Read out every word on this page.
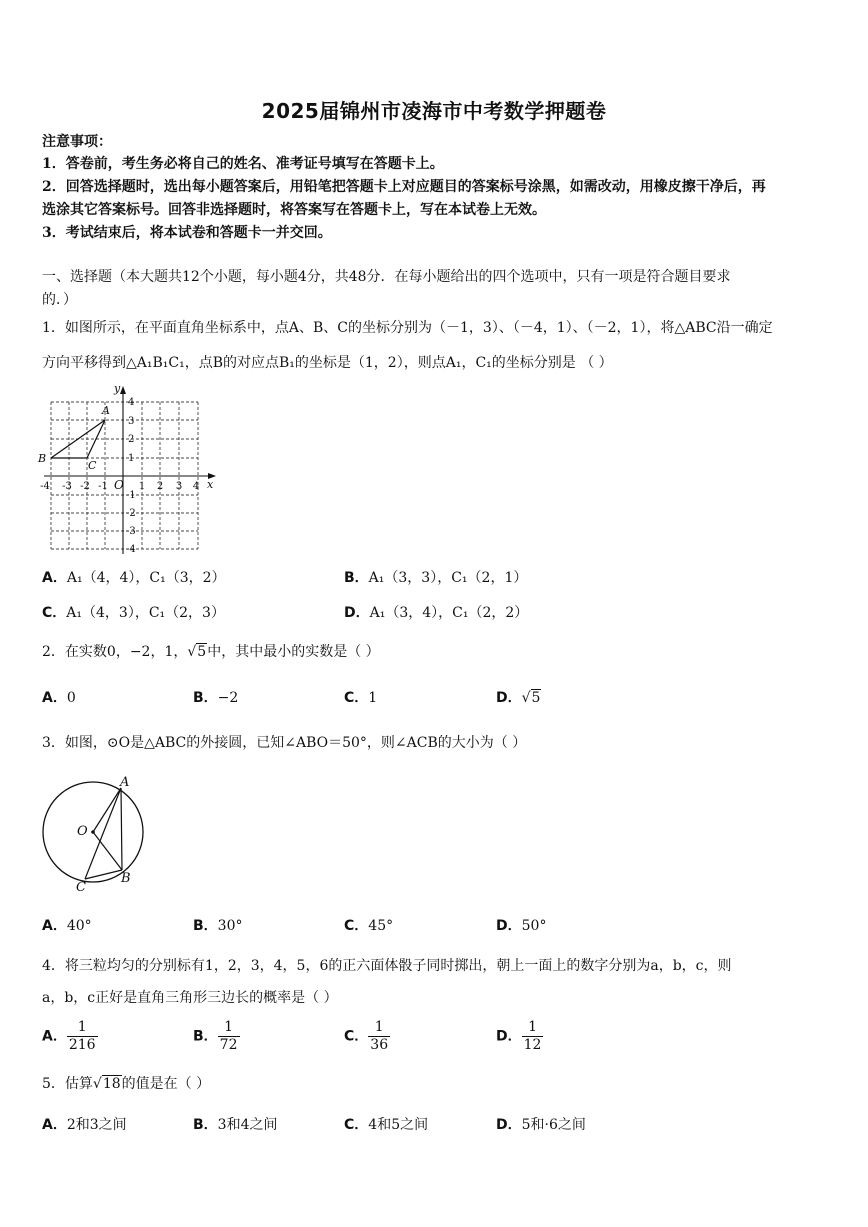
2025届锦州市凌海市中考数学押题卷
注意事项：
1．答卷前，考生务必将自己的姓名、准考证号填写在答题卡上。
2．回答选择题时，选出每小题答案后，用铅笔把答题卡上对应题目的答案标号涂黑，如需改动，用橡皮擦干净后，再
选涂其它答案标号。回答非选择题时，将答案写在答题卡上，写在本试卷上无效。
3．考试结束后，将本试卷和答题卡一并交回。
一、选择题（本大题共12个小题，每小题4分，共48分．在每小题给出的四个选项中，只有一项是符合题目要求
的．）
1．如图所示，在平面直角坐标系中，点A、B、C的坐标分别为（－1，3）、（－4，1）、（－2，1），将△ABC沿一确定
方向平移得到△A₁B₁C₁，点B的对应点B₁的坐标是（1，2），则点A₁，C₁的坐标分别是 （ ）
-4 -3 -2 -1	1 2 3 4
4
3
2
1
-1
-2
-3
-4
O	x
y
A
B
C
A．A₁（4，4），C₁（3，2）	B．A₁（3，3），C₁（2，1）
C．A₁（4，3），C₁（2，3）	D．A₁（3，4），C₁（2，2）
2．在实数0，−2，1，√5中，其中最小的实数是（ ）
A．0	B．−2	C．1	D．√5
3．如图，⊙O是△ABC的外接圆，已知∠ABO＝50°，则∠ACB的大小为（ ）
A
B
C
O
A．40°	B．30°	C．45°	D．50°
4．将三粒均匀的分别标有1，2，3，4，5，6的正六面体骰子同时掷出，朝上一面上的数字分别为a，b，c，则
a，b，c正好是直角三角形三边长的概率是（ ）
A． $\frac{1}{216}$	B． $\frac{1}{72}$	C． $\frac{1}{36}$	D． $\frac{1}{12}$
5．估算√18的值是在（ ）
A．2和3之间	B．3和4之间	C．4和5之间	D．5和·6之间
